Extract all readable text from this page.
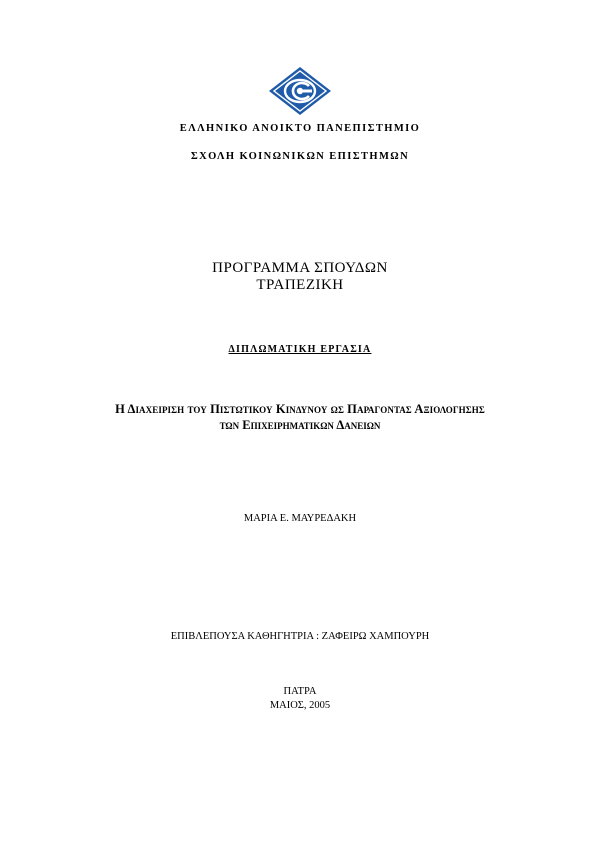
ΕΛΛΗΝΙΚΟ ΑΝΟΙΚΤΟ ΠΑΝΕΠΙΣΤΗΜΙΟ
ΣΧΟΛΗ ΚΟΙΝΩΝΙΚΩΝ ΕΠΙΣΤΗΜΩΝ
ΠΡΟΓΡΑΜΜΑ ΣΠΟΥΔΩΝ
ΤΡΑΠΕΖΙΚΗ
ΔΙΠΛΩΜΑΤΙΚΗ ΕΡΓΑΣΙΑ
Η Διαχειριση του Πιστωτικου Κινδυνου ως Παραγοντας Αξιολογησης
των Επιχειρηματικων Δανειων
ΜΑΡΙΑ Ε. ΜΑΥΡΕΔΑΚΗ
ΕΠΙΒΛΕΠΟΥΣΑ ΚΑΘΗΓΗΤΡΙΑ : ΖΑΦΕΙΡΩ ΧΑΜΠΟΥΡΗ
ΠΑΤΡΑ
ΜΑΙΟΣ, 2005
